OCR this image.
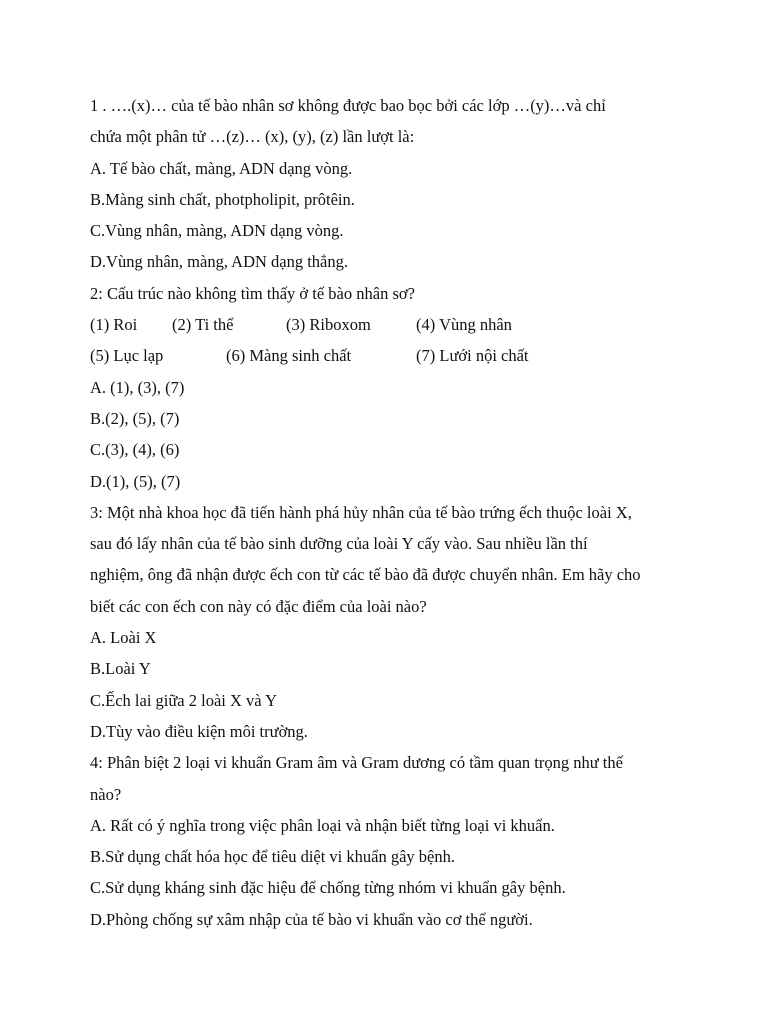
1 . ….(x)… của tế bào nhân sơ không được bao bọc bởi các lớp …(y)…và chỉ
chứa một phân tử …(z)… (x), (y), (z) lần lượt là:
A. Tế bào chất, màng, ADN dạng vòng.
B.Màng sinh chất, photpholipit, prôtêin.
C.Vùng nhân, màng, ADN dạng vòng.
D.Vùng nhân, màng, ADN dạng thẳng.
2: Cấu trúc nào không tìm thấy ở tế bào nhân sơ?
(1) Roi (2) Ti thể	(3) Riboxom	(4) Vùng nhân
(5) Lục lạp	(6) Màng sinh chất	(7) Lưới nội chất
A. (1), (3), (7)
B.(2), (5), (7)
C.(3), (4), (6)
D.(1), (5), (7)
3: Một nhà khoa học đã tiến hành phá hủy nhân của tế bào trứng ếch thuộc loài X,
sau đó lấy nhân của tế bào sinh dưỡng của loài Y cấy vào. Sau nhiều lần thí
nghiệm, ông đã nhận được ếch con từ các tế bào đã được chuyển nhân. Em hãy cho
biết các con ếch con này có đặc điểm của loài nào?
A. Loài X
B.Loài Y
C.Ếch lai giữa 2 loài X và Y
D.Tùy vào điều kiện môi trường.
4: Phân biệt 2 loại vi khuẩn Gram âm và Gram dương có tầm quan trọng như thế
nào?
A. Rất có ý nghĩa trong việc phân loại và nhận biết từng loại vi khuẩn.
B.Sử dụng chất hóa học để tiêu diệt vi khuẩn gây bệnh.
C.Sử dụng kháng sinh đặc hiệu để chống từng nhóm vi khuẩn gây bệnh.
D.Phòng chống sự xâm nhập của tế bào vi khuẩn vào cơ thể người.
